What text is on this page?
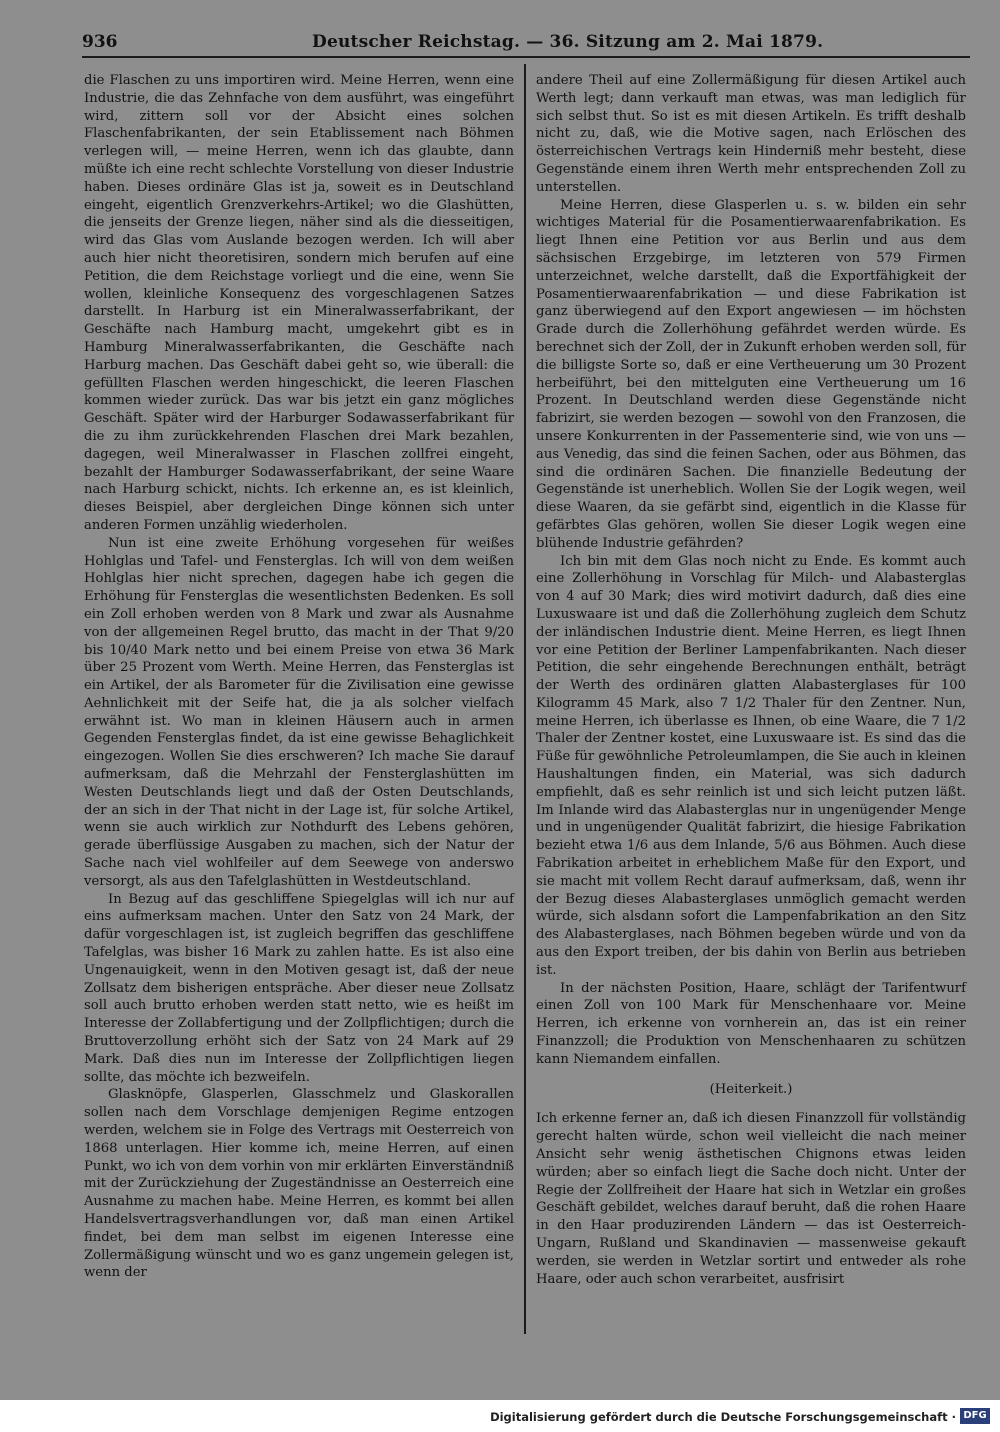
936	Deutscher Reichstag. — 36. Sitzung am 2. Mai 1879.

die Flaschen zu uns importiren wird. Meine Herren, wenn eine Industrie, die das Zehnfache von dem ausführt, was eingeführt wird, zittern soll vor der Absicht eines solchen Flaschenfabrikanten, der sein Etablissement nach Böhmen verlegen will, — meine Herren, wenn ich das glaubte, dann müßte ich eine recht schlechte Vorstellung von dieser Industrie haben. Dieses ordinäre Glas ist ja, soweit es in Deutschland eingeht, eigentlich Grenzverkehrs-Artikel; wo die Glashütten, die jenseits der Grenze liegen, näher sind als die diesseitigen, wird das Glas vom Auslande bezogen werden. Ich will aber auch hier nicht theoretisiren, sondern mich berufen auf eine Petition, die dem Reichstage vorliegt und die eine, wenn Sie wollen, kleinliche Konsequenz des vorgeschlagenen Satzes darstellt. In Harburg ist ein Mineralwasserfabrikant, der Geschäfte nach Hamburg macht, umgekehrt gibt es in Hamburg Mineralwasserfabrikanten, die Geschäfte nach Harburg machen. Das Geschäft dabei geht so, wie überall: die gefüllten Flaschen werden hingeschickt, die leeren Flaschen kommen wieder zurück. Das war bis jetzt ein ganz mögliches Geschäft. Später wird der Harburger Sodawasserfabrikant für die zu ihm zurückkehrenden Flaschen drei Mark bezahlen, dagegen, weil Mineralwasser in Flaschen zollfrei eingeht, bezahlt der Hamburger Sodawasserfabrikant, der seine Waare nach Harburg schickt, nichts. Ich erkenne an, es ist kleinlich, dieses Beispiel, aber dergleichen Dinge können sich unter anderen Formen unzählig wiederholen.

Nun ist eine zweite Erhöhung vorgesehen für weißes Hohlglas und Tafel- und Fensterglas. Ich will von dem weißen Hohlglas hier nicht sprechen, dagegen habe ich gegen die Erhöhung für Fensterglas die wesentlichsten Bedenken. Es soll ein Zoll erhoben werden von 8 Mark und zwar als Ausnahme von der allgemeinen Regel brutto, das macht in der That 9/20 bis 10/40 Mark netto und bei einem Preise von etwa 36 Mark über 25 Prozent vom Werth. Meine Herren, das Fensterglas ist ein Artikel, der als Barometer für die Zivilisation eine gewisse Aehnlichkeit mit der Seife hat, die ja als solcher vielfach erwähnt ist. Wo man in kleinen Häusern auch in armen Gegenden Fensterglas findet, da ist eine gewisse Behaglichkeit eingezogen. Wollen Sie dies erschweren? Ich mache Sie darauf aufmerksam, daß die Mehrzahl der Fensterglashütten im Westen Deutschlands liegt und daß der Osten Deutschlands, der an sich in der That nicht in der Lage ist, für solche Artikel, wenn sie auch wirklich zur Nothdurft des Lebens gehören, gerade überflüssige Ausgaben zu machen, sich der Natur der Sache nach viel wohlfeiler auf dem Seewege von anderswo versorgt, als aus den Tafelglashütten in Westdeutschland.

In Bezug auf das geschliffene Spiegelglas will ich nur auf eins aufmerksam machen. Unter den Satz von 24 Mark, der dafür vorgeschlagen ist, ist zugleich begriffen das geschliffene Tafelglas, was bisher 16 Mark zu zahlen hatte. Es ist also eine Ungenauigkeit, wenn in den Motiven gesagt ist, daß der neue Zollsatz dem bisherigen entspräche. Aber dieser neue Zollsatz soll auch brutto erhoben werden statt netto, wie es heißt im Interesse der Zollabfertigung und der Zollpflichtigen; durch die Bruttoverzollung erhöht sich der Satz von 24 Mark auf 29 Mark. Daß dies nun im Interesse der Zollpflichtigen liegen sollte, das möchte ich bezweifeln.

Glasknöpfe, Glasperlen, Glasschmelz und Glaskorallen sollen nach dem Vorschlage demjenigen Regime entzogen werden, welchem sie in Folge des Vertrags mit Oesterreich von 1868 unterlagen. Hier komme ich, meine Herren, auf einen Punkt, wo ich von dem vorhin von mir erklärten Einverständniß mit der Zurückziehung der Zugeständnisse an Oesterreich eine Ausnahme zu machen habe. Meine Herren, es kommt bei allen Handelsvertragsverhandlungen vor, daß man einen Artikel findet, bei dem man selbst im eigenen Interesse eine Zollermäßigung wünscht und wo es ganz ungemein gelegen ist, wenn der

andere Theil auf eine Zollermäßigung für diesen Artikel auch Werth legt; dann verkauft man etwas, was man lediglich für sich selbst thut. So ist es mit diesen Artikeln. Es trifft deshalb nicht zu, daß, wie die Motive sagen, nach Erlöschen des österreichischen Vertrags kein Hinderniß mehr besteht, diese Gegenstände einem ihren Werth mehr entsprechenden Zoll zu unterstellen.

Meine Herren, diese Glasperlen u. s. w. bilden ein sehr wichtiges Material für die Posamentierwaarenfabrikation. Es liegt Ihnen eine Petition vor aus Berlin und aus dem sächsischen Erzgebirge, im letzteren von 579 Firmen unterzeichnet, welche darstellt, daß die Exportfähigkeit der Posamentierwaarenfabrikation — und diese Fabrikation ist ganz überwiegend auf den Export angewiesen — im höchsten Grade durch die Zollerhöhung gefährdet werden würde. Es berechnet sich der Zoll, der in Zukunft erhoben werden soll, für die billigste Sorte so, daß er eine Vertheuerung um 30 Prozent herbeiführt, bei den mittelguten eine Vertheuerung um 16 Prozent. In Deutschland werden diese Gegenstände nicht fabrizirt, sie werden bezogen — sowohl von den Franzosen, die unsere Konkurrenten in der Passementerie sind, wie von uns — aus Venedig, das sind die feinen Sachen, oder aus Böhmen, das sind die ordinären Sachen. Die finanzielle Bedeutung der Gegenstände ist unerheblich. Wollen Sie der Logik wegen, weil diese Waaren, da sie gefärbt sind, eigentlich in die Klasse für gefärbtes Glas gehören, wollen Sie dieser Logik wegen eine blühende Industrie gefährden?

Ich bin mit dem Glas noch nicht zu Ende. Es kommt auch eine Zollerhöhung in Vorschlag für Milch- und Alabasterglas von 4 auf 30 Mark; dies wird motivirt dadurch, daß dies eine Luxuswaare ist und daß die Zollerhöhung zugleich dem Schutz der inländischen Industrie dient. Meine Herren, es liegt Ihnen vor eine Petition der Berliner Lampenfabrikanten. Nach dieser Petition, die sehr eingehende Berechnungen enthält, beträgt der Werth des ordinären glatten Alabasterglases für 100 Kilogramm 45 Mark, also 7 1/2 Thaler für den Zentner. Nun, meine Herren, ich überlasse es Ihnen, ob eine Waare, die 7 1/2 Thaler der Zentner kostet, eine Luxuswaare ist. Es sind das die Füße für gewöhnliche Petroleumlampen, die Sie auch in kleinen Haushaltungen finden, ein Material, was sich dadurch empfiehlt, daß es sehr reinlich ist und sich leicht putzen läßt. Im Inlande wird das Alabasterglas nur in ungenügender Menge und in ungenügender Qualität fabrizirt, die hiesige Fabrikation bezieht etwa 1/6 aus dem Inlande, 5/6 aus Böhmen. Auch diese Fabrikation arbeitet in erheblichem Maße für den Export, und sie macht mit vollem Recht darauf aufmerksam, daß, wenn ihr der Bezug dieses Alabasterglases unmöglich gemacht werden würde, sich alsdann sofort die Lampenfabrikation an den Sitz des Alabasterglases, nach Böhmen begeben würde und von da aus den Export treiben, der bis dahin von Berlin aus betrieben ist.

In der nächsten Position, Haare, schlägt der Tarifentwurf einen Zoll von 100 Mark für Menschenhaare vor. Meine Herren, ich erkenne von vornherein an, das ist ein reiner Finanzzoll; die Produktion von Menschenhaaren zu schützen kann Niemandem einfallen.

(Heiterkeit.)

Ich erkenne ferner an, daß ich diesen Finanzzoll für vollständig gerecht halten würde, schon weil vielleicht die nach meiner Ansicht sehr wenig ästhetischen Chignons etwas leiden würden; aber so einfach liegt die Sache doch nicht. Unter der Regie der Zollfreiheit der Haare hat sich in Wetzlar ein großes Geschäft gebildet, welches darauf beruht, daß die rohen Haare in den Haar produzirenden Ländern — das ist Oesterreich-Ungarn, Rußland und Skandinavien — massenweise gekauft werden, sie werden in Wetzlar sortirt und entweder als rohe Haare, oder auch schon verarbeitet, ausfrisirt

Digitalisierung gefördert durch die Deutsche Forschungsgemeinschaft · DFG
